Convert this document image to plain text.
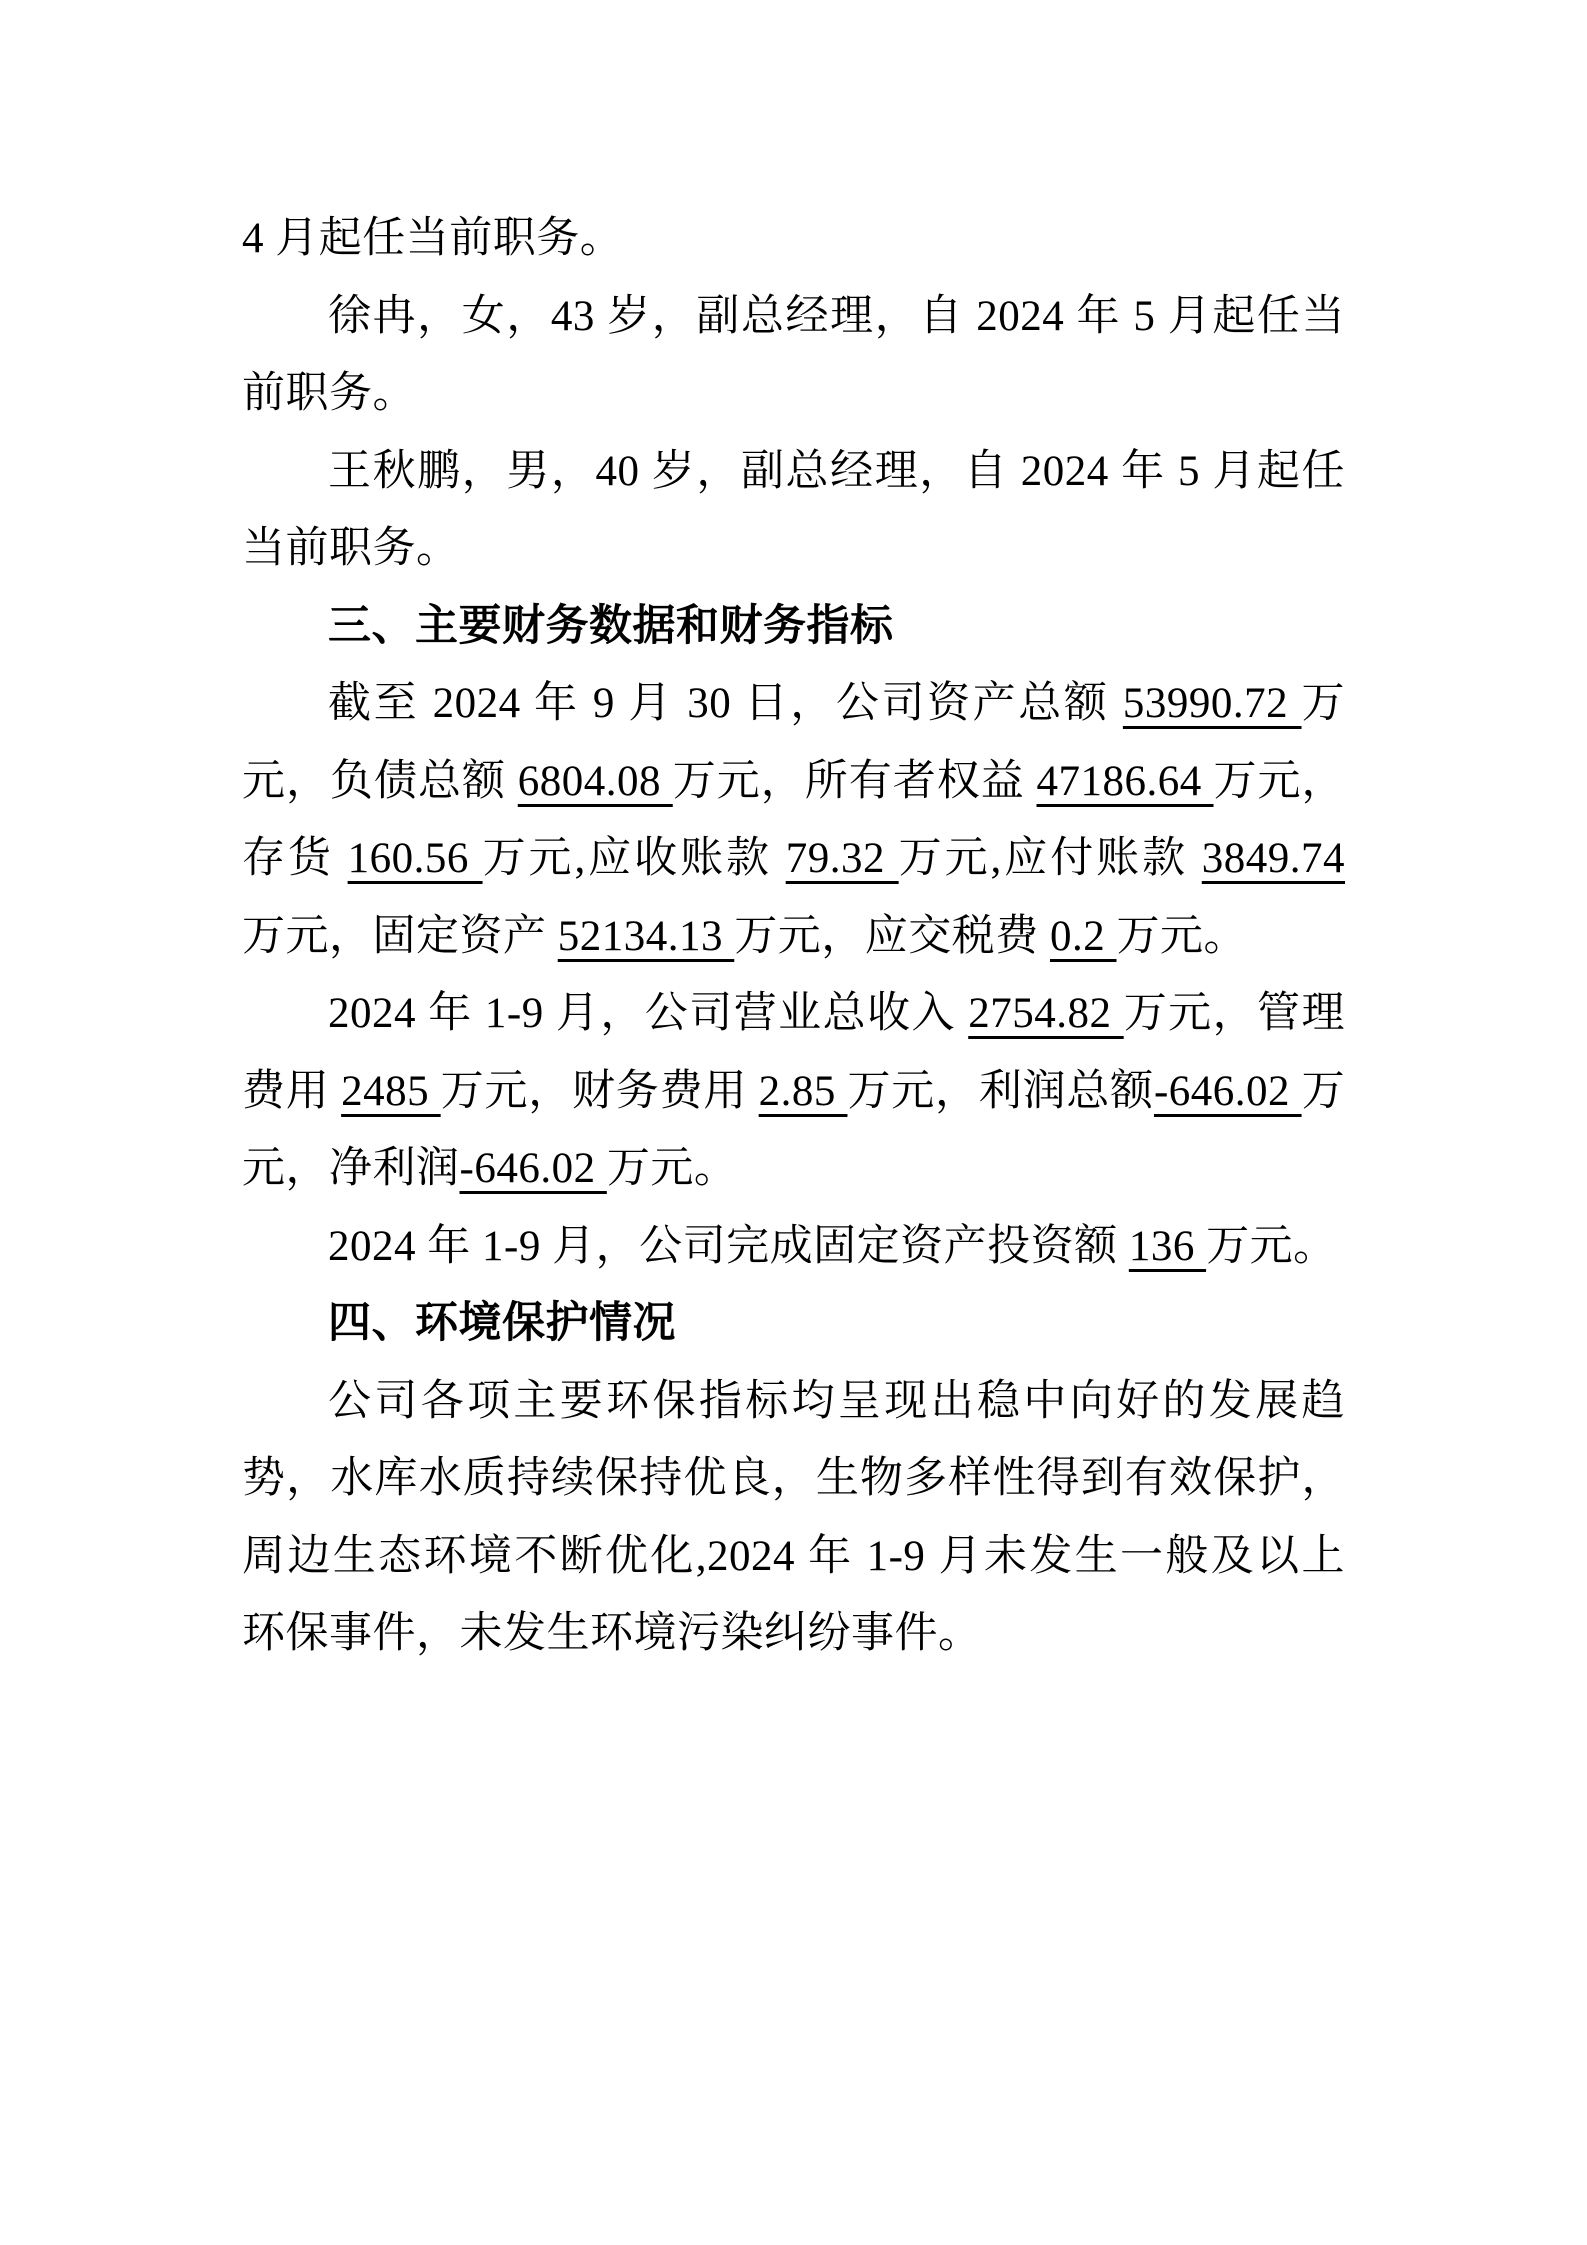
4 月起任当前职务。

徐冉，女，43 岁，副总经理，自 2024 年 5 月起任当前职务。

王秋鹏，男，40 岁，副总经理，自 2024 年 5 月起任当前职务。

三、主要财务数据和财务指标

截至 2024 年 9 月 30 日，公司资产总额 53990.72 万元，负债总额 6804.08 万元，所有者权益 47186.64 万元，存货 160.56 万元,应收账款 79.32 万元,应付账款 3849.74 万元，固定资产 52134.13 万元，应交税费 0.2 万元。

2024 年 1-9 月，公司营业总收入 2754.82 万元，管理费用 2485 万元，财务费用 2.85 万元，利润总额-646.02 万元，净利润-646.02 万元。

2024 年 1-9 月，公司完成固定资产投资额 136 万元。

四、环境保护情况

公司各项主要环保指标均呈现出稳中向好的发展趋势，水库水质持续保持优良，生物多样性得到有效保护，周边生态环境不断优化,2024 年 1-9 月未发生一般及以上环保事件，未发生环境污染纠纷事件。
